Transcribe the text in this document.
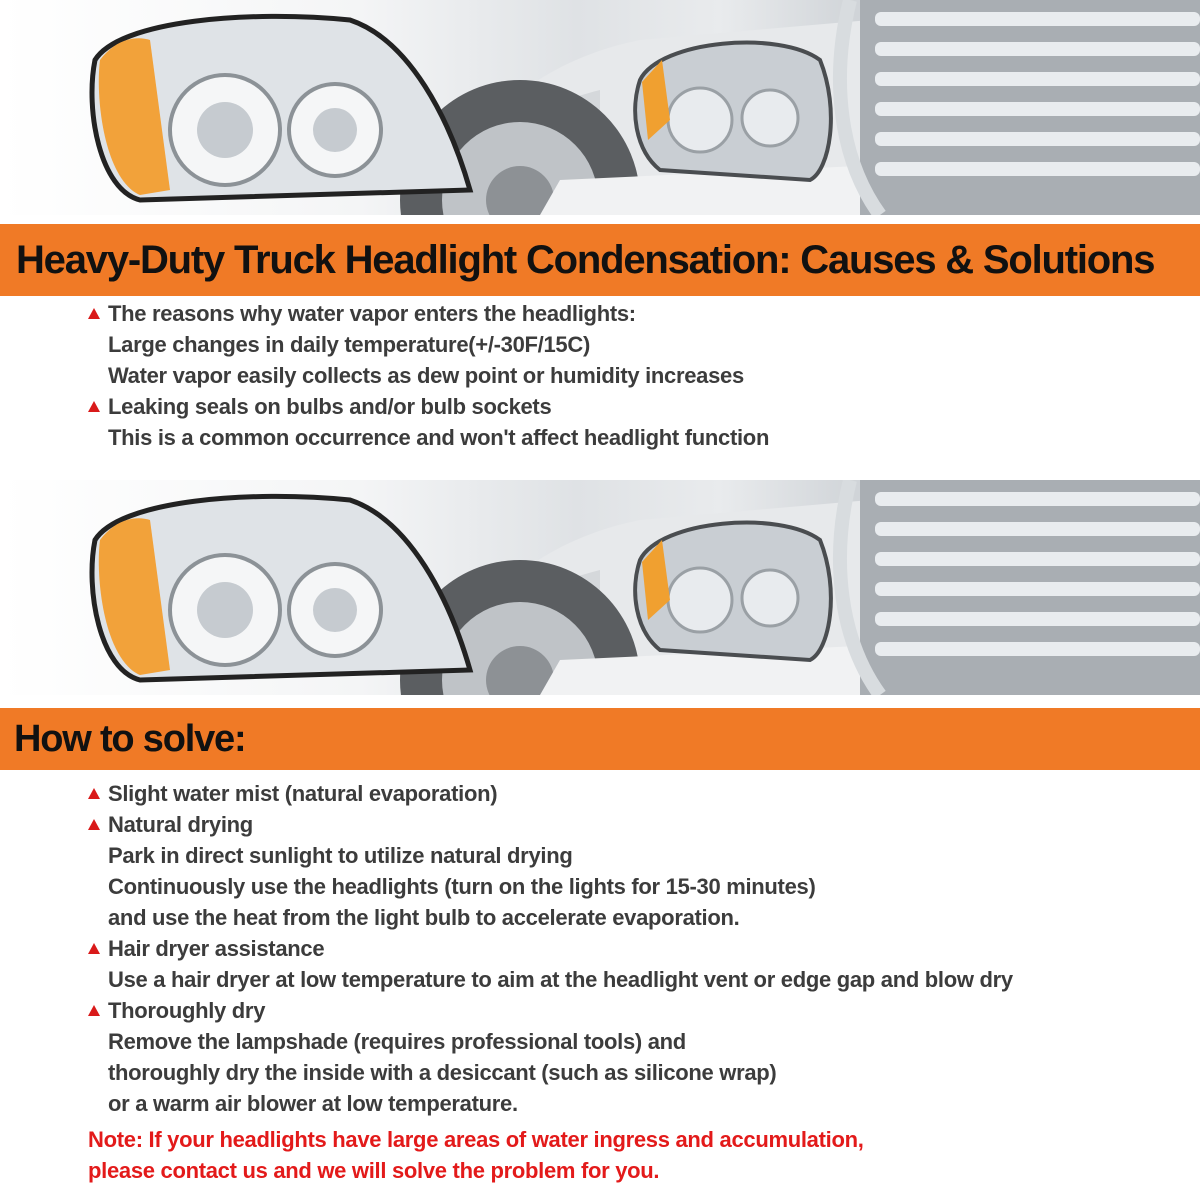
Heavy-Duty Truck Headlight Condensation: Causes & Solutions
The reasons why water vapor enters the headlights:
Large changes in daily temperature(+/-30F/15C)
Water vapor easily collects as dew point or humidity increases
Leaking seals on bulbs and/or bulb sockets
This is a common occurrence and won't affect headlight function
How to solve:
Slight water mist (natural evaporation)
Natural drying
Park in direct sunlight to utilize natural drying
Continuously use the headlights (turn on the lights for 15-30 minutes)
and use the heat from the light bulb to accelerate evaporation.
Hair dryer assistance
Use a hair dryer at low temperature to aim at the headlight vent or edge gap and blow dry
Thoroughly dry
Remove the lampshade (requires professional tools) and
thoroughly dry the inside with a desiccant (such as silicone wrap)
or a warm air blower at low temperature.
Note: If your headlights have large areas of water ingress and accumulation,
please contact us and we will solve the problem for you.
